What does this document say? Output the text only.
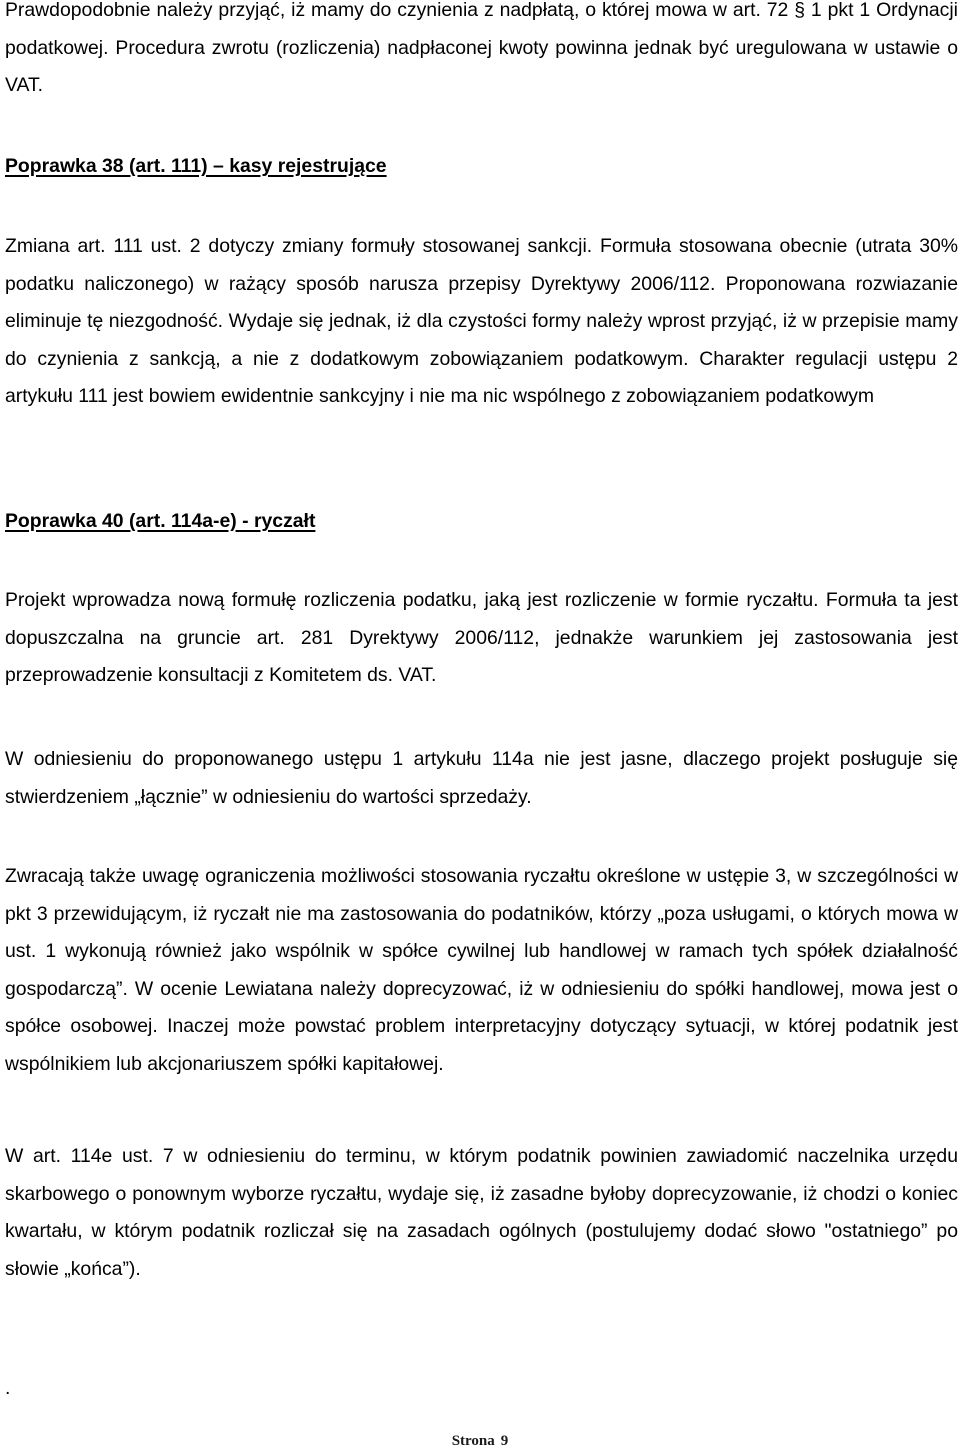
Prawdopodobnie należy przyjąć, iż mamy do czynienia z nadpłatą, o której mowa w art. 72 § 1 pkt 1 Ordynacji podatkowej. Procedura zwrotu (rozliczenia) nadpłaconej kwoty powinna jednak być uregulowana w ustawie o VAT.

Poprawka 38 (art. 111) – kasy rejestrujące

Zmiana art. 111 ust. 2 dotyczy zmiany formuły stosowanej sankcji. Formuła stosowana obecnie (utrata 30% podatku naliczonego) w rażący sposób narusza przepisy Dyrektywy 2006/112. Proponowana rozwiazanie eliminuje tę niezgodność. Wydaje się jednak, iż dla czystości formy należy wprost przyjąć, iż w przepisie mamy do czynienia z sankcją, a nie z dodatkowym zobowiązaniem podatkowym. Charakter regulacji ustępu 2 artykułu 111 jest bowiem ewidentnie sankcyjny i nie ma nic wspólnego z zobowiązaniem podatkowym

Poprawka 40 (art. 114a-e) - ryczałt

Projekt wprowadza nową formułę rozliczenia podatku, jaką jest rozliczenie w formie ryczałtu. Formuła ta jest dopuszczalna na gruncie art. 281 Dyrektywy 2006/112, jednakże warunkiem jej zastosowania jest przeprowadzenie konsultacji z Komitetem ds. VAT.

W odniesieniu do proponowanego ustępu 1 artykułu 114a nie jest jasne, dlaczego projekt posługuje się stwierdzeniem „łącznie” w odniesieniu do wartości sprzedaży.

Zwracają także uwagę ograniczenia możliwości stosowania ryczałtu określone w ustępie 3, w szczególności w pkt 3 przewidującym, iż ryczałt nie ma zastosowania do podatników, którzy „poza usługami, o których mowa w ust. 1 wykonują również jako wspólnik w spółce cywilnej lub handlowej w ramach tych spółek działalność gospodarczą”. W ocenie Lewiatana należy doprecyzować, iż w odniesieniu do spółki handlowej, mowa jest o spółce osobowej. Inaczej może powstać problem interpretacyjny dotyczący sytuacji, w której podatnik jest wspólnikiem lub akcjonariuszem spółki kapitałowej.

W art. 114e ust. 7 w odniesieniu do terminu, w którym podatnik powinien zawiadomić naczelnika urzędu skarbowego o ponownym wyborze ryczałtu, wydaje się, iż zasadne byłoby doprecyzowanie, iż chodzi o koniec kwartału, w którym podatnik rozliczał się na zasadach ogólnych (postulujemy dodać słowo "ostatniego” po słowie „końca”).

.

Strona 9
